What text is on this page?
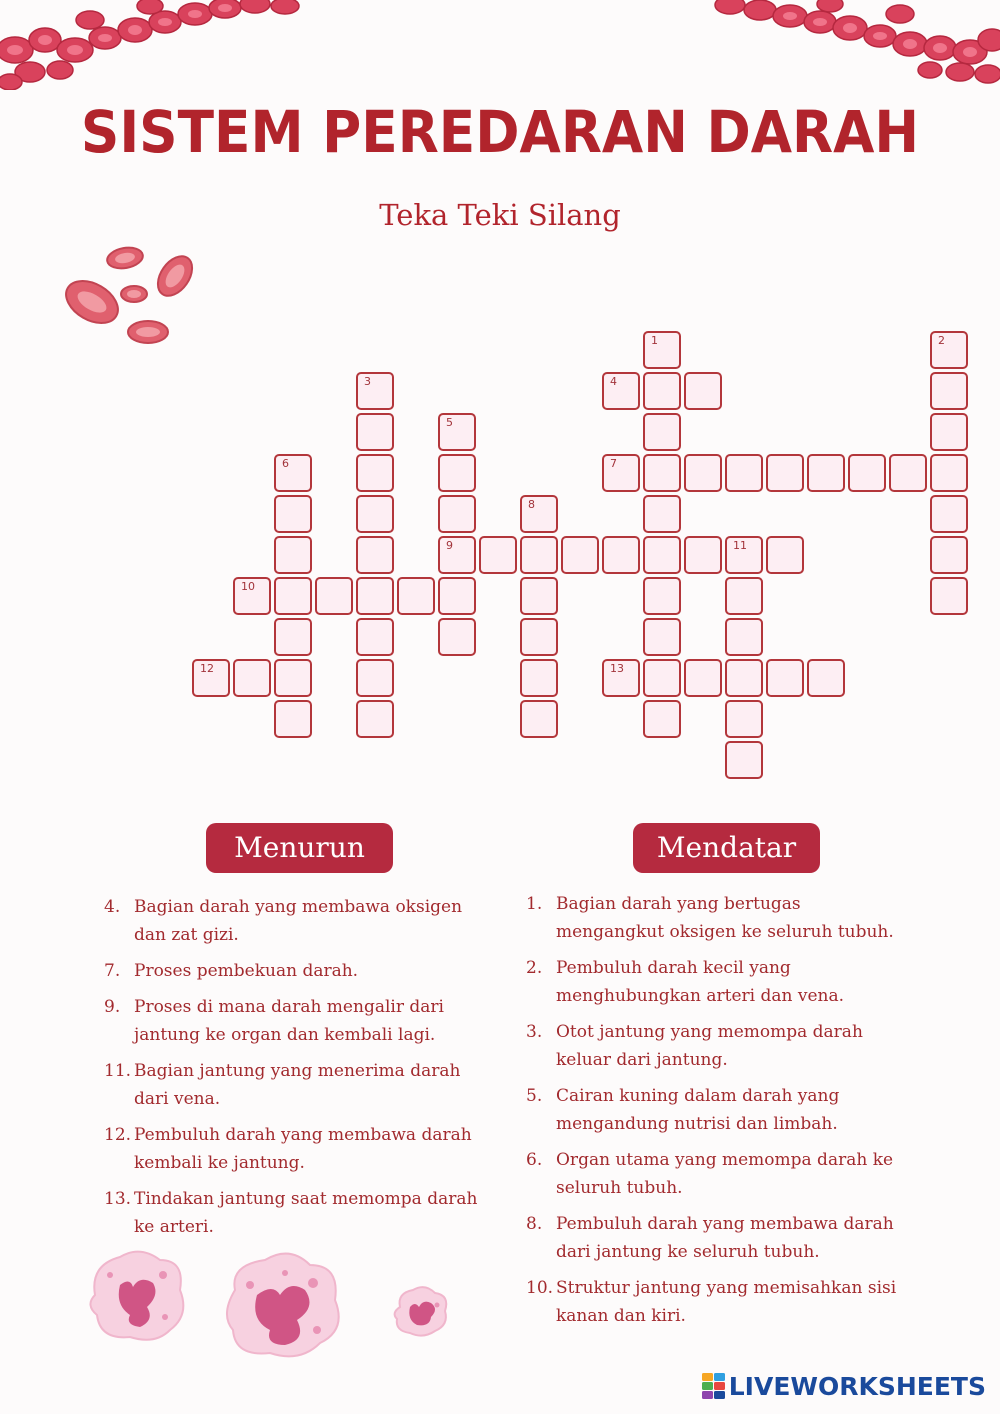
SISTEM PEREDARAN DARAH
Teka Teki Silang
1	2
3	4
5
6	7
8
9	11
10
12	13
Menurun	Mendatar
4. Bagian darah yang membawa oksigen dan zat gizi.
7. Proses pembekuan darah.
9. Proses di mana darah mengalir dari jantung ke organ dan kembali lagi.
11. Bagian jantung yang menerima darah dari vena.
12. Pembuluh darah yang membawa darah kembali ke jantung.
13. Tindakan jantung saat memompa darah ke arteri.
1. Bagian darah yang bertugas mengangkut oksigen ke seluruh tubuh.
2. Pembuluh darah kecil yang menghubungkan arteri dan vena.
3. Otot jantung yang memompa darah keluar dari jantung.
5. Cairan kuning dalam darah yang mengandung nutrisi dan limbah.
6. Organ utama yang memompa darah ke seluruh tubuh.
8. Pembuluh darah yang membawa darah dari jantung ke seluruh tubuh.
10. Struktur jantung yang memisahkan sisi kanan dan kiri.
LIVEWORKSHEETS
